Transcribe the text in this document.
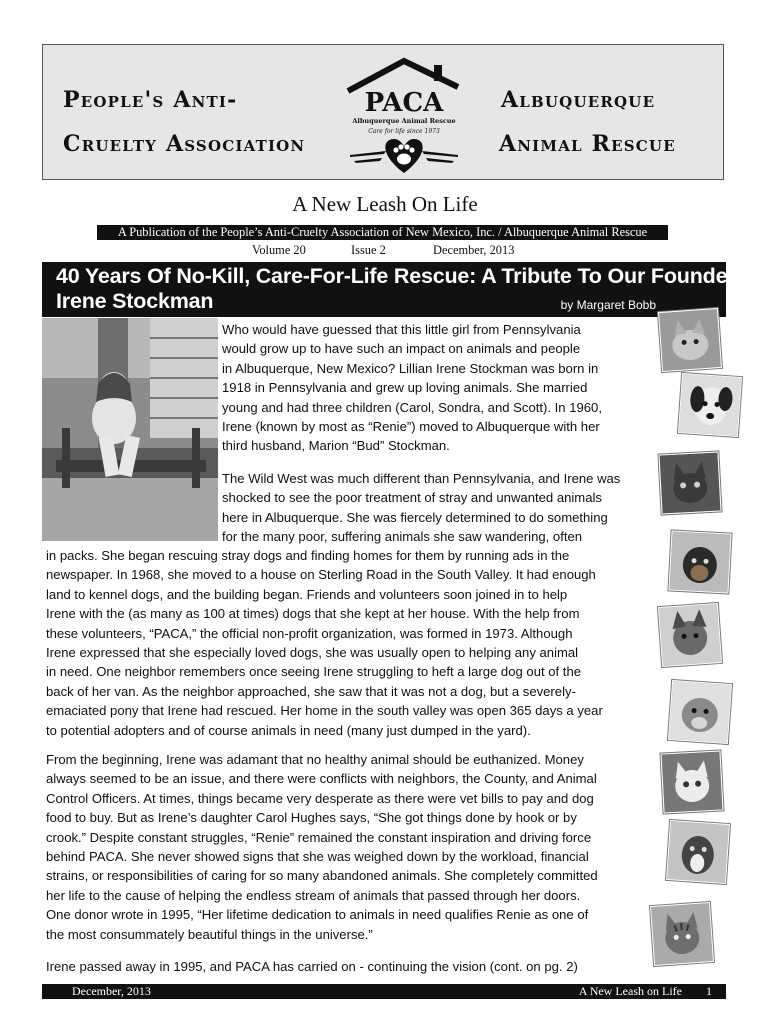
People's Anti-
Cruelty Association
Albuquerque
Animal Rescue
PACA
Albuquerque Animal Rescue
Care for life since 1973
A New Leash On Life
A Publication of the People’s Anti-Cruelty Association of New Mexico, Inc. / Albuquerque Animal Rescue
Volume 20	Issue 2	December, 2013
40 Years Of No-Kill, Care-For-Life Rescue: A Tribute To Our Founder
Irene Stockman	by Margaret Bobb
Who would have guessed that this little girl from Pennsylvania
would grow up to have such an impact on animals and people
in Albuquerque, New Mexico? Lillian Irene Stockman was born in
1918 in Pennsylvania and grew up loving animals. She married
young and had three children (Carol, Sondra, and Scott). In 1960,
Irene (known by most as “Renie”) moved to Albuquerque with her
third husband, Marion “Bud” Stockman.
The Wild West was much different than Pennsylvania, and Irene was
shocked to see the poor treatment of stray and unwanted animals
here in Albuquerque. She was fiercely determined to do something
for the many poor, suffering animals she saw wandering, often
in packs. She began rescuing stray dogs and finding homes for them by running ads in the
newspaper. In 1968, she moved to a house on Sterling Road in the South Valley. It had enough
land to kennel dogs, and the building began. Friends and volunteers soon joined in to help
Irene with the (as many as 100 at times) dogs that she kept at her house. With the help from
these volunteers, “PACA,” the official non-profit organization, was formed in 1973. Although
Irene expressed that she especially loved dogs, she was usually open to helping any animal
in need. One neighbor remembers once seeing Irene struggling to heft a large dog out of the
back of her van. As the neighbor approached, she saw that it was not a dog, but a severely-
emaciated pony that Irene had rescued. Her home in the south valley was open 365 days a year
to potential adopters and of course animals in need (many just dumped in the yard).
From the beginning, Irene was adamant that no healthy animal should be euthanized. Money
always seemed to be an issue, and there were conflicts with neighbors, the County, and Animal
Control Officers. At times, things became very desperate as there were vet bills to pay and dog
food to buy. But as Irene’s daughter Carol Hughes says, “She got things done by hook or by
crook.” Despite constant struggles, “Renie” remained the constant inspiration and driving force
behind PACA. She never showed signs that she was weighed down by the workload, financial
strains, or responsibilities of caring for so many abandoned animals. She completely committed
her life to the cause of helping the endless stream of animals that passed through her doors.
One donor wrote in 1995, “Her lifetime dedication to animals in need qualifies Renie as one of
the most consummately beautiful things in the universe.”
Irene passed away in 1995, and PACA has carried on - continuing the vision (cont. on pg. 2)
December, 2013	A New Leash on Life 1
